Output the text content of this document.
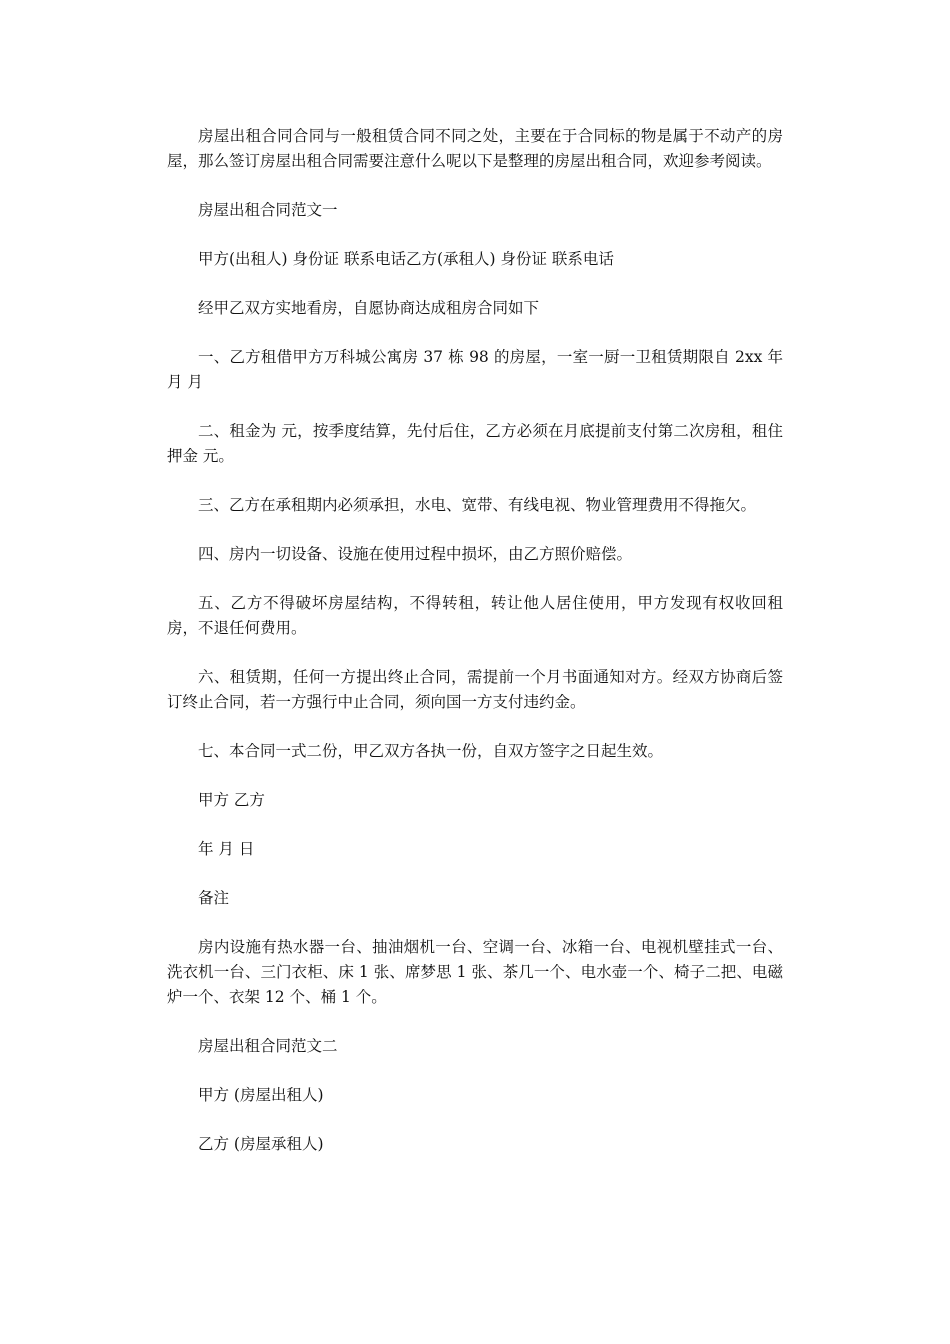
房屋出租合同合同与一般租赁合同不同之处，主要在于合同标的物是属于不动产的房屋，那么签订房屋出租合同需要注意什么呢以下是整理的房屋出租合同，欢迎参考阅读。

房屋出租合同范文一

甲方(出租人) 身份证 联系电话乙方(承租人) 身份证 联系电话

经甲乙双方实地看房，自愿协商达成租房合同如下

一、乙方租借甲方万科城公寓房 37 栋 98 的房屋，一室一厨一卫租赁期限自 2xx 年月 月

二、租金为 元，按季度结算，先付后住，乙方必须在月底提前支付第二次房租，租住押金 元。

三、乙方在承租期内必须承担，水电、宽带、有线电视、物业管理费用不得拖欠。

四、房内一切设备、设施在使用过程中损坏，由乙方照价赔偿。

五、乙方不得破坏房屋结构，不得转租，转让他人居住使用，甲方发现有权收回租房，不退任何费用。

六、租赁期，任何一方提出终止合同，需提前一个月书面通知对方。经双方协商后签订终止合同，若一方强行中止合同，须向国一方支付违约金。

七、本合同一式二份，甲乙双方各执一份，自双方签字之日起生效。

甲方 乙方

年 月 日

备注

房内设施有热水器一台、抽油烟机一台、空调一台、冰箱一台、电视机壁挂式一台、洗衣机一台、三门衣柜、床 1 张、席梦思 1 张、茶几一个、电水壶一个、椅子二把、电磁炉一个、衣架 12 个、桶 1 个。

房屋出租合同范文二

甲方 (房屋出租人)

乙方 (房屋承租人)
